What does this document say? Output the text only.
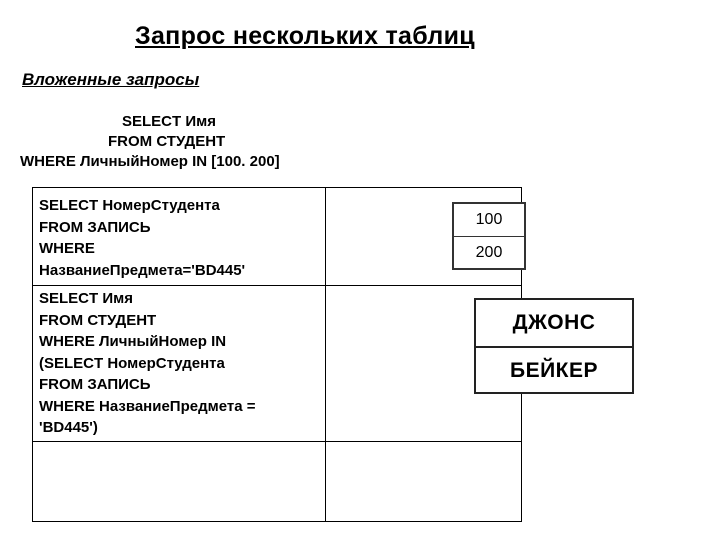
Запрос нескольких таблиц
Вложенные запросы
SELECT Имя
FROM СТУДЕНТ
WHERE ЛичныйНомер IN [100. 200]
SELECT НомерСтудента
FROM ЗАПИСЬ
WHERE
НазваниеПредмета='BD445'
SELECT Имя
FROM СТУДЕНТ
WHERE ЛичныйНомер IN
(SELECT НомерСтудента
FROM ЗАПИСЬ
WHERE НазваниеПредмета =
'BD445')
100
200
ДЖОНС
БЕЙКЕР
